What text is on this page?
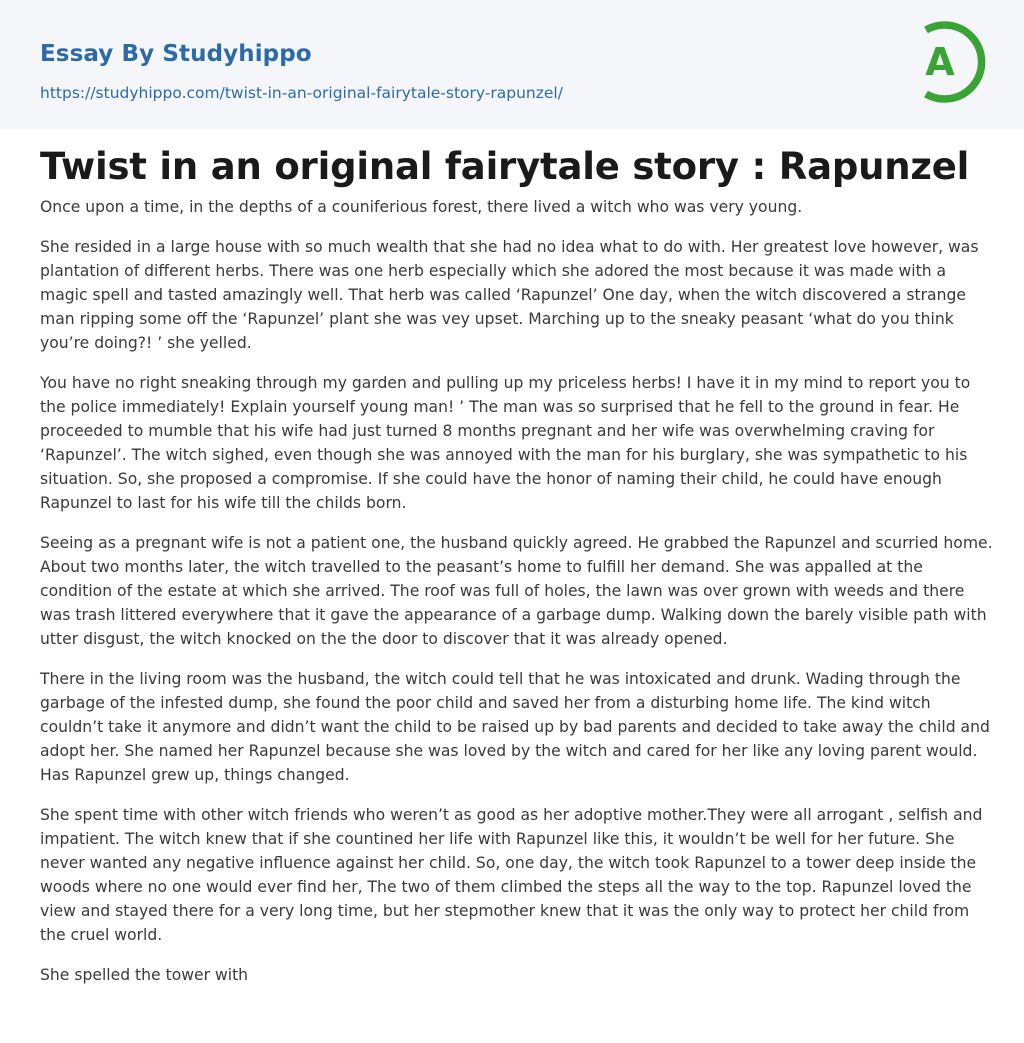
Essay By Studyhippo
https://studyhippo.com/twist-in-an-original-fairytale-story-rapunzel/
A
Twist in an original fairytale story : Rapunzel

Once upon a time, in the depths of a couniferious forest, there lived a witch who was very young.

She resided in a large house with so much wealth that she had no idea what to do with. Her greatest love however, was plantation of different herbs. There was one herb especially which she adored the most because it was made with a magic spell and tasted amazingly well. That herb was called ‘Rapunzel’ One day, when the witch discovered a strange man ripping some off the ‘Rapunzel’ plant she was vey upset. Marching up to the sneaky peasant ‘what do you think you’re doing?! ’ she yelled.

You have no right sneaking through my garden and pulling up my priceless herbs! I have it in my mind to report you to the police immediately! Explain yourself young man! ’ The man was so surprised that he fell to the ground in fear. He proceeded to mumble that his wife had just turned 8 months pregnant and her wife was overwhelming craving for ‘Rapunzel’. The witch sighed, even though she was annoyed with the man for his burglary, she was sympathetic to his situation. So, she proposed a compromise. If she could have the honor of naming their child, he could have enough Rapunzel to last for his wife till the childs born.

Seeing as a pregnant wife is not a patient one, the husband quickly agreed. He grabbed the Rapunzel and scurried home. About two months later, the witch travelled to the peasant’s home to fulfill her demand. She was appalled at the condition of the estate at which she arrived. The roof was full of holes, the lawn was over grown with weeds and there was trash littered everywhere that it gave the appearance of a garbage dump. Walking down the barely visible path with utter disgust, the witch knocked on the the door to discover that it was already opened.

There in the living room was the husband, the witch could tell that he was intoxicated and drunk. Wading through the garbage of the infested dump, she found the poor child and saved her from a disturbing home life. The kind witch couldn’t take it anymore and didn’t want the child to be raised up by bad parents and decided to take away the child and adopt her. She named her Rapunzel because she was loved by the witch and cared for her like any loving parent would. Has Rapunzel grew up, things changed.

She spent time with other witch friends who weren’t as good as her adoptive mother.They were all arrogant , selfish and impatient. The witch knew that if she countined her life with Rapunzel like this, it wouldn’t be well for her future. She never wanted any negative influence against her child. So, one day, the witch took Rapunzel to a tower deep inside the woods where no one would ever find her, The two of them climbed the steps all the way to the top. Rapunzel loved the view and stayed there for a very long time, but her stepmother knew that it was the only way to protect her child from the cruel world.

She spelled the tower with
